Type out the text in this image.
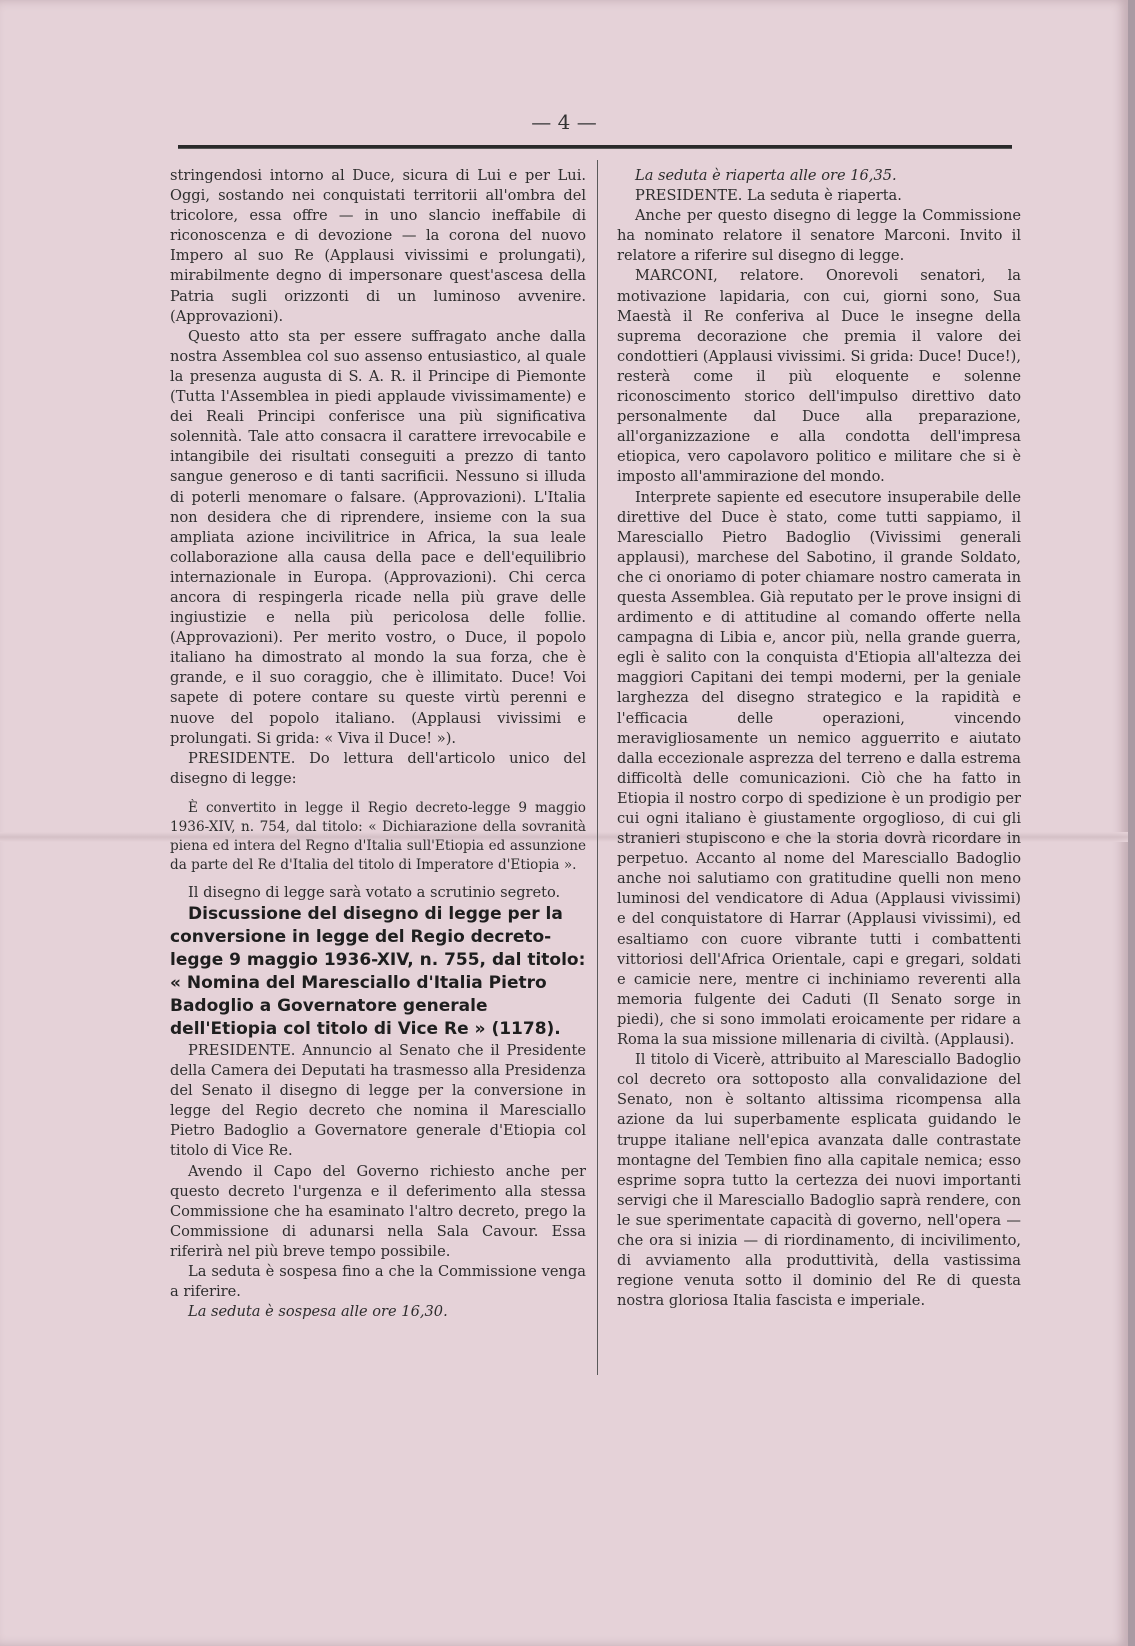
— 4 —

stringendosi intorno al Duce, sicura di Lui e per Lui. Oggi, sostando nei conquistati territorii all'ombra del tricolore, essa offre — in uno slancio ineffabile di riconoscenza e di devozione — la corona del nuovo Impero al suo Re (Applausi vivissimi e prolungati), mirabilmente degno di impersonare quest'ascesa della Patria sugli orizzonti di un luminoso avvenire. (Approvazioni).

Questo atto sta per essere suffragato anche dalla nostra Assemblea col suo assenso entusiastico, al quale la presenza augusta di S. A. R. il Principe di Piemonte (Tutta l'Assemblea in piedi applaude vivissimamente) e dei Reali Principi conferisce una più significativa solennità. Tale atto consacra il carattere irrevocabile e intangibile dei risultati conseguiti a prezzo di tanto sangue generoso e di tanti sacrificii. Nessuno si illuda di poterli menomare o falsare. (Approvazioni). L'Italia non desidera che di riprendere, insieme con la sua ampliata azione incivilitrice in Africa, la sua leale collaborazione alla causa della pace e dell'equilibrio internazionale in Europa. (Approvazioni). Chi cerca ancora di respingerla ricade nella più grave delle ingiustizie e nella più pericolosa delle follie. (Approvazioni). Per merito vostro, o Duce, il popolo italiano ha dimostrato al mondo la sua forza, che è grande, e il suo coraggio, che è illimitato. Duce! Voi sapete di potere contare su queste virtù perenni e nuove del popolo italiano. (Applausi vivissimi e prolungati. Si grida: « Viva il Duce! »).

PRESIDENTE. Do lettura dell'articolo unico del disegno di legge:

È convertito in legge il Regio decreto-legge 9 maggio 1936-XIV, n. 754, dal titolo: « Dichiarazione della sovranità piena ed intera del Regno d'Italia sull'Etiopia ed assunzione da parte del Re d'Italia del titolo di Imperatore d'Etiopia ».

Il disegno di legge sarà votato a scrutinio segreto.

Discussione del disegno di legge per la conversione in legge del Regio decreto-legge 9 maggio 1936-XIV, n. 755, dal titolo: « Nomina del Maresciallo d'Italia Pietro Badoglio a Governatore generale dell'Etiopia col titolo di Vice Re » (1178).

PRESIDENTE. Annuncio al Senato che il Presidente della Camera dei Deputati ha trasmesso alla Presidenza del Senato il disegno di legge per la conversione in legge del Regio decreto che nomina il Maresciallo Pietro Badoglio a Governatore generale d'Etiopia col titolo di Vice Re.

Avendo il Capo del Governo richiesto anche per questo decreto l'urgenza e il deferimento alla stessa Commissione che ha esaminato l'altro decreto, prego la Commissione di adunarsi nella Sala Cavour. Essa riferirà nel più breve tempo possibile.

La seduta è sospesa fino a che la Commissione venga a riferire.

La seduta è sospesa alle ore 16,30.

La seduta è riaperta alle ore 16,35.

PRESIDENTE. La seduta è riaperta.

Anche per questo disegno di legge la Commissione ha nominato relatore il senatore Marconi. Invito il relatore a riferire sul disegno di legge.

MARCONI, relatore. Onorevoli senatori, la motivazione lapidaria, con cui, giorni sono, Sua Maestà il Re conferiva al Duce le insegne della suprema decorazione che premia il valore dei condottieri (Applausi vivissimi. Si grida: Duce! Duce!), resterà come il più eloquente e solenne riconoscimento storico dell'impulso direttivo dato personalmente dal Duce alla preparazione, all'organizzazione e alla condotta dell'impresa etiopica, vero capolavoro politico e militare che si è imposto all'ammirazione del mondo.

Interprete sapiente ed esecutore insuperabile delle direttive del Duce è stato, come tutti sappiamo, il Maresciallo Pietro Badoglio (Vivissimi generali applausi), marchese del Sabotino, il grande Soldato, che ci onoriamo di poter chiamare nostro camerata in questa Assemblea. Già reputato per le prove insigni di ardimento e di attitudine al comando offerte nella campagna di Libia e, ancor più, nella grande guerra, egli è salito con la conquista d'Etiopia all'altezza dei maggiori Capitani dei tempi moderni, per la geniale larghezza del disegno strategico e la rapidità e l'efficacia delle operazioni, vincendo meravigliosamente un nemico agguerrito e aiutato dalla eccezionale asprezza del terreno e dalla estrema difficoltà delle comunicazioni. Ciò che ha fatto in Etiopia il nostro corpo di spedizione è un prodigio per cui ogni italiano è giustamente orgoglioso, di cui gli stranieri stupiscono e che la storia dovrà ricordare in perpetuo. Accanto al nome del Maresciallo Badoglio anche noi salutiamo con gratitudine quelli non meno luminosi del vendicatore di Adua (Applausi vivissimi) e del conquistatore di Harrar (Applausi vivissimi), ed esaltiamo con cuore vibrante tutti i combattenti vittoriosi dell'Africa Orientale, capi e gregari, soldati e camicie nere, mentre ci inchiniamo reverenti alla memoria fulgente dei Caduti (Il Senato sorge in piedi), che si sono immolati eroicamente per ridare a Roma la sua missione millenaria di civiltà. (Applausi).

Il titolo di Vicerè, attribuito al Maresciallo Badoglio col decreto ora sottoposto alla convalidazione del Senato, non è soltanto altissima ricompensa alla azione da lui superbamente esplicata guidando le truppe italiane nell'epica avanzata dalle contrastate montagne del Tembien fino alla capitale nemica; esso esprime sopra tutto la certezza dei nuovi importanti servigi che il Maresciallo Badoglio saprà rendere, con le sue sperimentate capacità di governo, nell'opera — che ora si inizia — di riordinamento, di incivilimento, di avviamento alla produttività, della vastissima regione venuta sotto il dominio del Re di questa nostra gloriosa Italia fascista e imperiale.
